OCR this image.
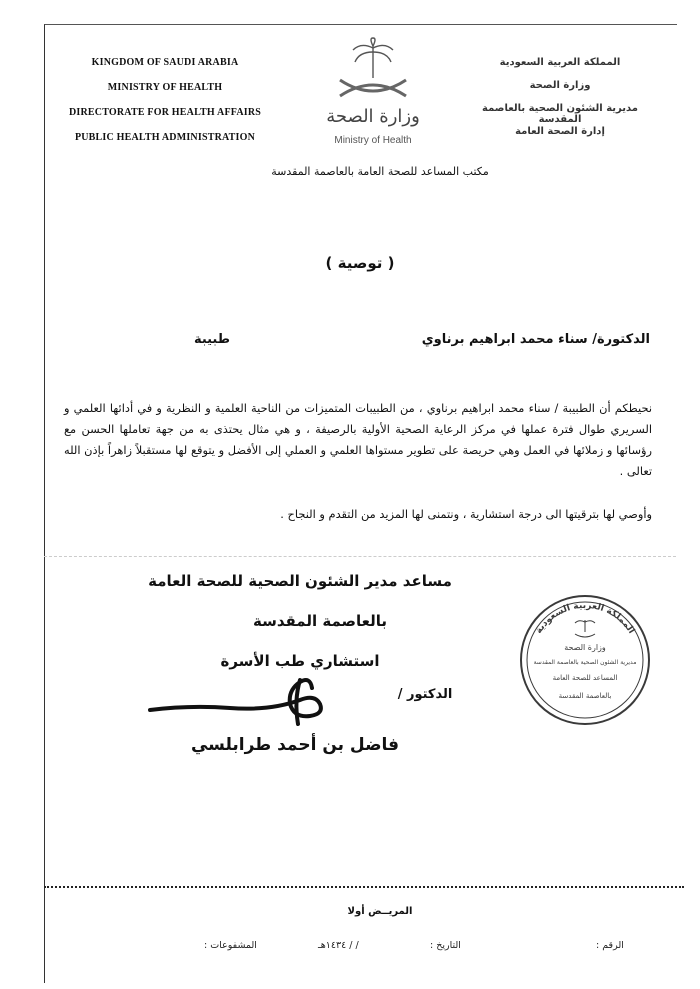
KINGDOM OF SAUDI ARABIA
MINISTRY OF HEALTH
DIRECTORATE FOR HEALTH AFFAIRS
PUBLIC HEALTH ADMINISTRATION
المملكة العربية السعودية
وزارة الصحة
مديرية الشئون الصحية بالعاصمة المقدسة
إدارة الصحة العامة
وزارة الصحة
Ministry of Health
مكتب المساعد للصحة العامة بالعاصمة المقدسة
( توصية )
الدكتورة/ سناء محمد ابراهيم برناوي
طبيبة
نحيطكم أن الطبيبة / سناء محمد ابراهيم برناوي ، من الطبيبات المتميزات من الناحية العلمية و النظرية و في أدائها العلمي و السريري طوال فترة عملها في مركز الرعاية الصحية الأولية بالرصيفة ، و هي مثال يحتذى به من جهة تعاملها الحسن مع رؤسائها و زملائها في العمل وهي حريصة على تطوير مستواها العلمي و العملي إلى الأفضل و يتوقع لها مستقبلاً زاهراً بإذن الله تعالى .
وأوصي لها بترقيتها الى درجة استشارية ، ونتمنى لها المزيد من التقدم و النجاح .
مساعد مدير الشئون الصحية للصحة العامة
بالعاصمة المقدسة
استشاري طب الأسرة
الدكتور /
فاضل بن أحمد طرابلسي
المملكة العربية السعودية
وزارة الصحة
مديرية الشئون الصحية بالعاصمة المقدسة
المساعد للصحة العامة
بالعاصمة المقدسة
المريــض أولا
الرقم :
التاريخ :
/ / ١٤٣٤هـ
المشفوعات :
